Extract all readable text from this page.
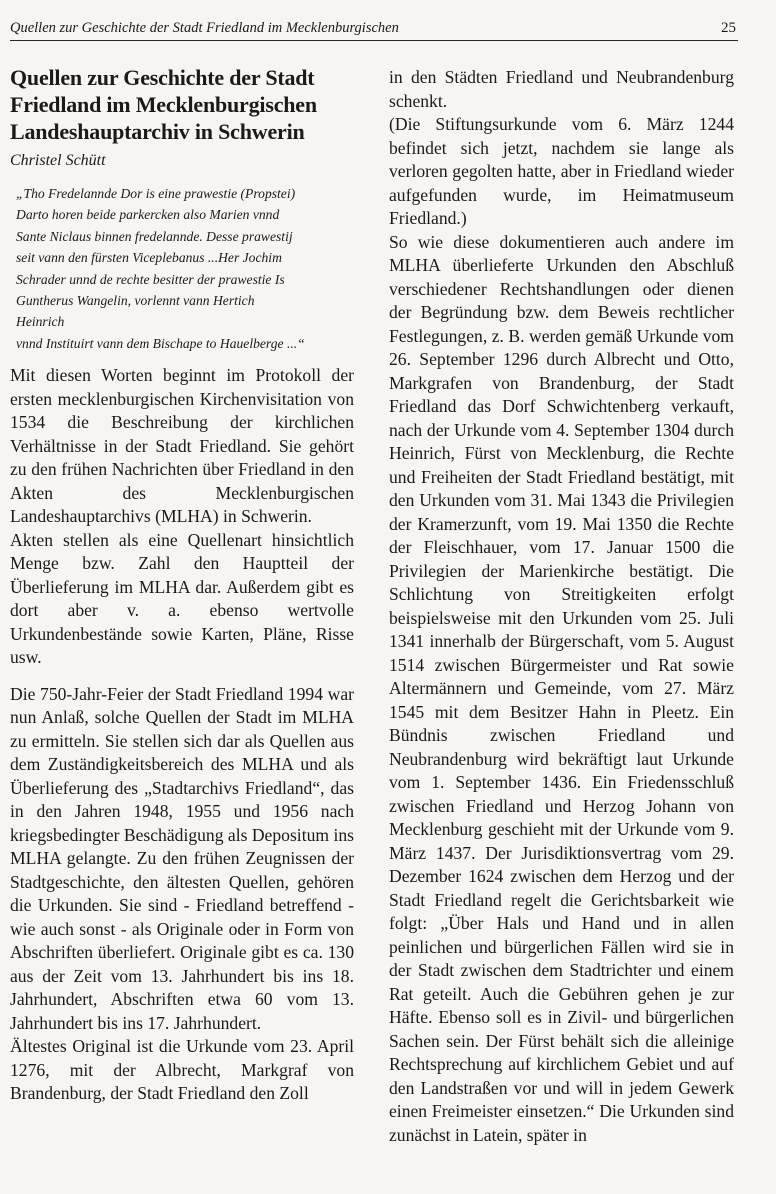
Quellen zur Geschichte der Stadt Friedland im Mecklenburgischen	25
Quellen zur Geschichte der Stadt Friedland im Mecklenburgischen Landeshauptarchiv in Schwerin

Christel Schütt

„Tho Fredelannde Dor is eine prawestie (Propstei)
Darto horen beide parkercken also Marien vnnd
Sante Niclaus binnen fredelannde. Desse prawestij
seit vann den fürsten Viceplebanus ...Her Jochim
Schrader unnd de rechte besitter der prawestie Is
Guntherus Wangelin, vorlennt vann Hertich
Heinrich
vnnd Instituirt vann dem Bischape to Hauelberge ...“

Mit diesen Worten beginnt im Protokoll der ersten mecklenburgischen Kirchenvisitation von 1534 die Beschreibung der kirchlichen Verhältnisse in der Stadt Friedland. Sie gehört zu den frühen Nachrichten über Friedland in den Akten des Mecklenburgischen Landeshauptarchivs (MLHA) in Schwerin.

Akten stellen als eine Quellenart hinsichtlich Menge bzw. Zahl den Hauptteil der Überlieferung im MLHA dar. Außerdem gibt es dort aber v. a. ebenso wertvolle Urkundenbestände sowie Karten, Pläne, Risse usw.

Die 750-Jahr-Feier der Stadt Friedland 1994 war nun Anlaß, solche Quellen der Stadt im MLHA zu ermitteln. Sie stellen sich dar als Quellen aus dem Zuständigkeitsbereich des MLHA und als Überlieferung des „Stadtarchivs Friedland“, das in den Jahren 1948, 1955 und 1956 nach kriegsbedingter Beschädigung als Depositum ins MLHA gelangte. Zu den frühen Zeugnissen der Stadtgeschichte, den ältesten Quellen, gehören die Urkunden. Sie sind - Friedland betreffend - wie auch sonst - als Originale oder in Form von Abschriften überliefert. Originale gibt es ca. 130 aus der Zeit vom 13. Jahrhundert bis ins 18. Jahrhundert, Abschriften etwa 60 vom 13. Jahrhundert bis ins 17. Jahrhundert.

Ältestes Original ist die Urkunde vom 23. April 1276, mit der Albrecht, Markgraf von Brandenburg, der Stadt Friedland den Zoll

in den Städten Friedland und Neubrandenburg schenkt.

(Die Stiftungsurkunde vom 6. März 1244 befindet sich jetzt, nachdem sie lange als verloren gegolten hatte, aber in Friedland wieder aufgefunden wurde, im Heimatmuseum Friedland.)

So wie diese dokumentieren auch andere im MLHA überlieferte Urkunden den Abschluß verschiedener Rechtshandlungen oder dienen der Begründung bzw. dem Beweis rechtlicher Festlegungen, z. B. werden gemäß Urkunde vom 26. September 1296 durch Albrecht und Otto, Markgrafen von Brandenburg, der Stadt Friedland das Dorf Schwichtenberg verkauft, nach der Urkunde vom 4. September 1304 durch Heinrich, Fürst von Mecklenburg, die Rechte und Freiheiten der Stadt Friedland bestätigt, mit den Urkunden vom 31. Mai 1343 die Privilegien der Kramerzunft, vom 19. Mai 1350 die Rechte der Fleischhauer, vom 17. Januar 1500 die Privilegien der Marienkirche bestätigt. Die Schlichtung von Streitigkeiten erfolgt beispielsweise mit den Urkunden vom 25. Juli 1341 innerhalb der Bürgerschaft, vom 5. August 1514 zwischen Bürgermeister und Rat sowie Altermännern und Gemeinde, vom 27. März 1545 mit dem Besitzer Hahn in Pleetz. Ein Bündnis zwischen Friedland und Neubrandenburg wird bekräftigt laut Urkunde vom 1. September 1436. Ein Friedensschluß zwischen Friedland und Herzog Johann von Mecklenburg geschieht mit der Urkunde vom 9. März 1437. Der Jurisdiktionsvertrag vom 29. Dezember 1624 zwischen dem Herzog und der Stadt Friedland regelt die Gerichtsbarkeit wie folgt: „Über Hals und Hand und in allen peinlichen und bürgerlichen Fällen wird sie in der Stadt zwischen dem Stadtrichter und einem Rat geteilt. Auch die Gebühren gehen je zur Häfte. Ebenso soll es in Zivil- und bürgerlichen Sachen sein. Der Fürst behält sich die alleinige Rechtsprechung auf kirchlichem Gebiet und auf den Landstraßen vor und will in jedem Gewerk einen Freimeister einsetzen.“ Die Urkunden sind zunächst in Latein, später in
